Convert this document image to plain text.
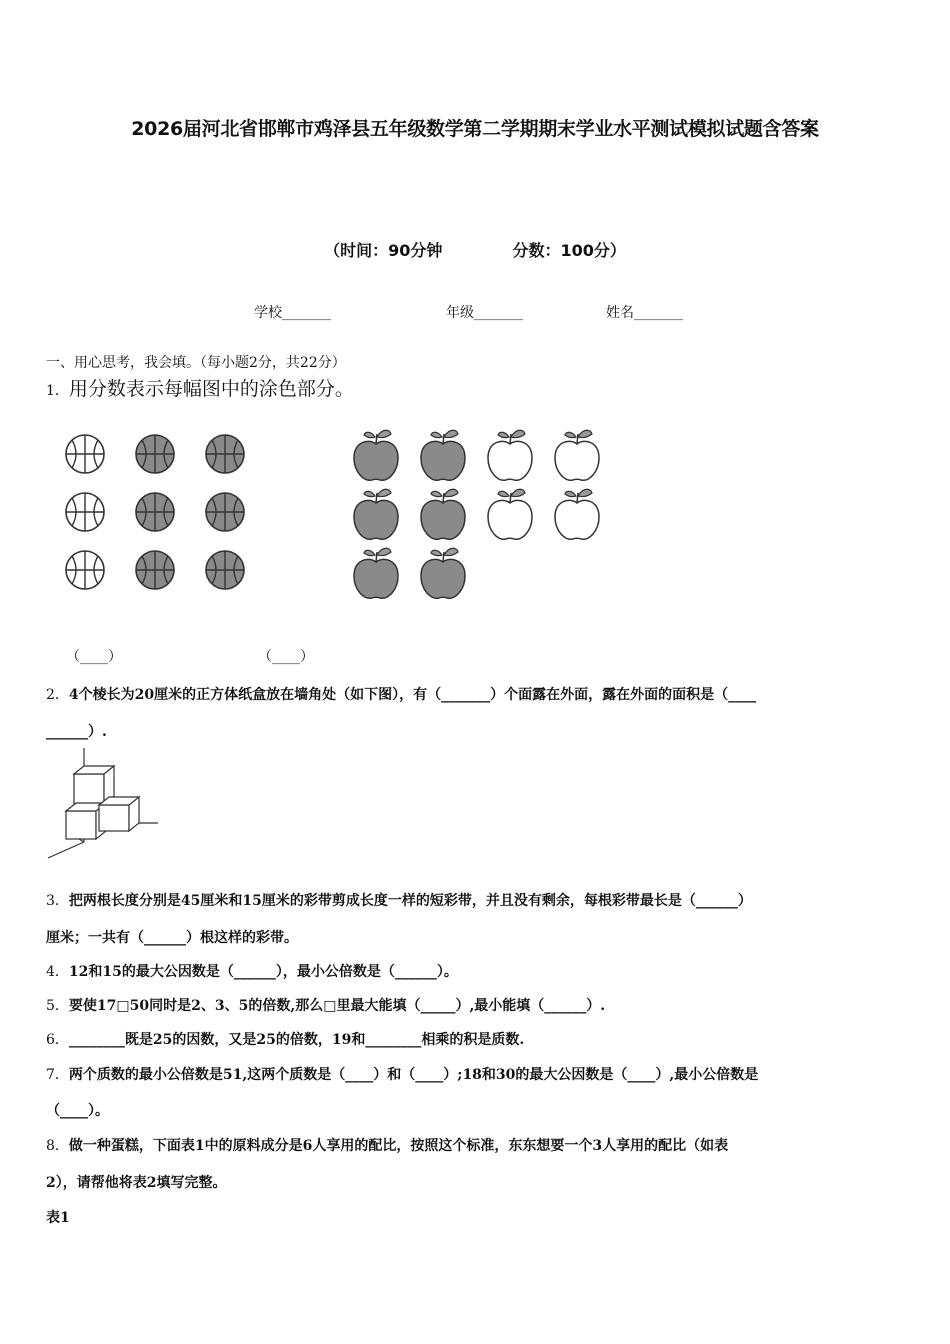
2026届河北省邯郸市鸡泽县五年级数学第二学期期末学业水平测试模拟试题含答案
（时间：90分钟	分数：100分）
学校_______	年级_______	姓名_______
一、用心思考，我会填。（每小题2分，共22分）
1．用分数表示每幅图中的涂色部分。
（____）	（____）
2．4个棱长为20厘米的正方体纸盒放在墙角处（如下图），有（_______）个面露在外面，露在外面的面积是（____
______）.
3．把两根长度分别是45厘米和15厘米的彩带剪成长度一样的短彩带，并且没有剩余，每根彩带最长是（______）
厘米；一共有（______）根这样的彩带。
4．12和15的最大公因数是（______），最小公倍数是（______）。
5．要使17□50同时是2、3、5的倍数,那么□里最大能填（_____）,最小能填（______）.
6．________既是25的因数，又是25的倍数，19和________相乘的积是质数.
7．两个质数的最小公倍数是51,这两个质数是（____）和（____）;18和30的最大公因数是（____）,最小公倍数是
（____）。
8．做一种蛋糕，下面表1中的原料成分是6人享用的配比，按照这个标准，东东想要一个3人享用的配比（如表
2），请帮他将表2填写完整。
表1
